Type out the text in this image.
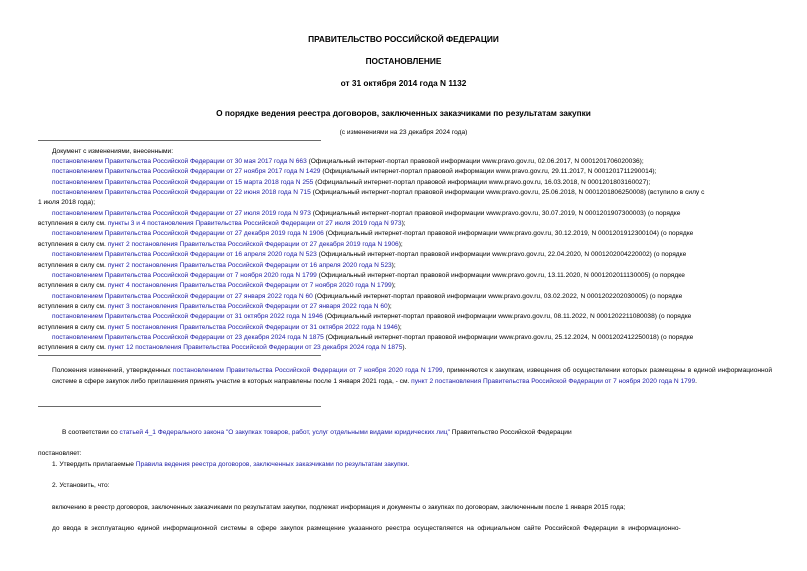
ПРАВИТЕЛЬСТВО РОССИЙСКОЙ ФЕДЕРАЦИИ
ПОСТАНОВЛЕНИЕ
от 31 октября 2014 года N 1132
О порядке ведения реестра договоров, заключенных заказчиками по результатам закупки
(с изменениями на 23 декабря 2024 года)
Документ с изменениями, внесенными:
постановлением Правительства Российской Федерации от 30 мая 2017 года N 663 (Официальный интернет-портал правовой информации www.pravo.gov.ru, 02.06.2017, N 0001201706020036);
постановлением Правительства Российской Федерации от 27 ноября 2017 года N 1429 (Официальный интернет-портал правовой информации www.pravo.gov.ru, 29.11.2017, N 0001201711290014);
постановлением Правительства Российской Федерации от 15 марта 2018 года N 255 (Официальный интернет-портал правовой информации www.pravo.gov.ru, 16.03.2018, N 0001201803160027);
постановлением Правительства Российской Федерации от 22 июня 2018 года N 715 (Официальный интернет-портал правовой информации www.pravo.gov.ru, 25.06.2018, N 0001201806250008) (вступило в силу с
1 июля 2018 года);
постановлением Правительства Российской Федерации от 27 июля 2019 года N 973 (Официальный интернет-портал правовой информации www.pravo.gov.ru, 30.07.2019, N 0001201907300003) (о порядке
вступления в силу см. пункты 3 и 4 постановления Правительства Российской Федерации от 27 июля 2019 года N 973);
постановлением Правительства Российской Федерации от 27 декабря 2019 года N 1906 (Официальный интернет-портал правовой информации www.pravo.gov.ru, 30.12.2019, N 0001201912300104) (о порядке
вступления в силу см. пункт 2 постановления Правительства Российской Федерации от 27 декабря 2019 года N 1906);
постановлением Правительства Российской Федерации от 16 апреля 2020 года N 523 (Официальный интернет-портал правовой информации www.pravo.gov.ru, 22.04.2020, N 0001202004220002) (о порядке
вступления в силу см. пункт 2 постановления Правительства Российской Федерации от 16 апреля 2020 года N 523);
постановлением Правительства Российской Федерации от 7 ноября 2020 года N 1799 (Официальный интернет-портал правовой информации www.pravo.gov.ru, 13.11.2020, N 0001202011130005) (о порядке
вступления в силу см. пункт 4 постановления Правительства Российской Федерации от 7 ноября 2020 года N 1799);
постановлением Правительства Российской Федерации от 27 января 2022 года N 60 (Официальный интернет-портал правовой информации www.pravo.gov.ru, 03.02.2022, N 0001202202030005) (о порядке
вступления в силу см. пункт 3 постановления Правительства Российской Федерации от 27 января 2022 года N 60);
постановлением Правительства Российской Федерации от 31 октября 2022 года N 1946 (Официальный интернет-портал правовой информации www.pravo.gov.ru, 08.11.2022, N 0001202211080038) (о порядке
вступления в силу см. пункт 5 постановления Правительства Российской Федерации от 31 октября 2022 года N 1946);
постановлением Правительства Российской Федерации от 23 декабря 2024 года N 1875 (Официальный интернет-портал правовой информации www.pravo.gov.ru, 25.12.2024, N 0001202412250018) (о порядке
вступления в силу см. пункт 12 постановления Правительства Российской Федерации от 23 декабря 2024 года N 1875).
Положения изменений, утвержденных постановлением Правительства Российской Федерации от 7 ноября 2020 года N 1799, применяются к закупкам, извещения об осуществлении которых размещены в единой информационной системе в сфере закупок либо приглашения принять участие в которых направлены после 1 января 2021 года, - см. пункт 2 постановления Правительства Российской Федерации от 7 ноября 2020 года N 1799.
В соответствии со статьей 4_1 Федерального закона "О закупках товаров, работ, услуг отдельными видами юридических лиц" Правительство Российской Федерации
постановляет:
1. Утвердить прилагаемые Правила ведения реестра договоров, заключенных заказчиками по результатам закупки.
2. Установить, что:
включению в реестр договоров, заключенных заказчиками по результатам закупки, подлежат информация и документы о закупках по договорам, заключенным после 1 января 2015 года;
до ввода в эксплуатацию единой информационной системы в сфере закупок размещение указанного реестра осуществляется на официальном сайте Российской Федерации в информационно-
